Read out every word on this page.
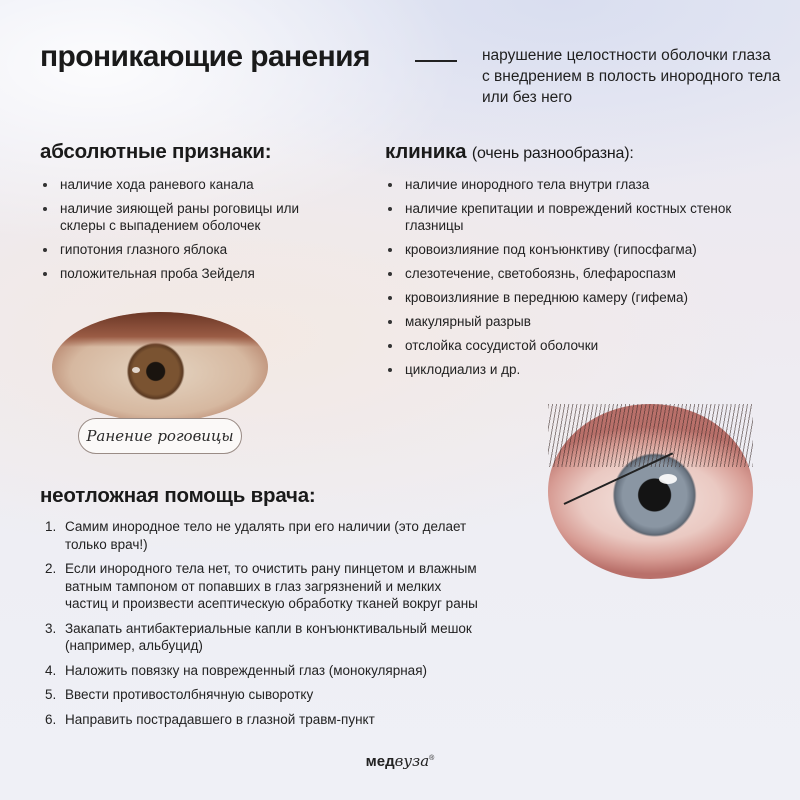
проникающие ранения	нарушение целостности оболочки глаза с внедрением в полость инородного тела или без него
абсолютные признаки:
наличие хода раневого канала
наличие зияющей раны роговицы или склеры с выпадением оболочек
гипотония глазного яблока
положительная проба Зейделя
клиника (очень разнообразна):
наличие инородного тела внутри глаза
наличие крепитации и повреждений костных стенок глазницы
кровоизлияние под конъюнктиву (гипосфагма)
слезотечение, светобоязнь, блефароспазм
кровоизлияние в переднюю камеру (гифема)
макулярный разрыв
отслойка сосудистой оболочки
циклодиализ и др.
Ранение роговицы
неотложная помощь врача:
1. Самим инородное тело не удалять при его наличии (это делает только врач!)
2. Если инородного тела нет, то очистить рану пинцетом и влажным ватным тампоном от попавших в глаз загрязнений и мелких частиц и произвести асептическую обработку тканей вокруг раны
3. Закапать антибактериальные капли в конъюнктивальный мешок (например, альбуцид)
4. Наложить повязку на поврежденный глаз (монокулярная)
5. Ввести противостолбнячную сыворотку
6. Направить пострадавшего в глазной травм-пункт
медвуза®
